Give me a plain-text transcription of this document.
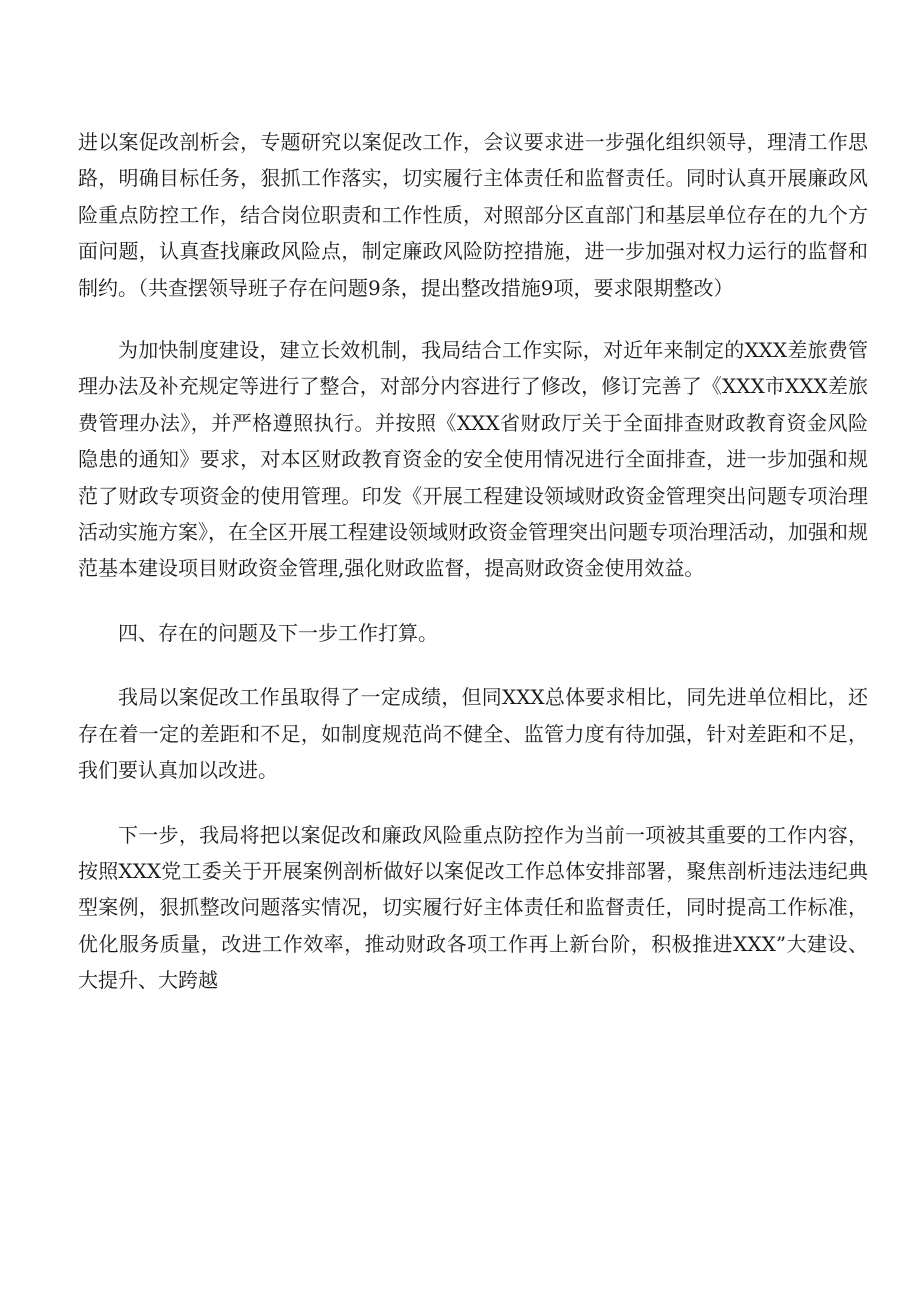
进以案促改剖析会，专题研究以案促改工作，会议要求进一步强化组织领导，理清工作思路，明确目标任务，狠抓工作落实，切实履行主体责任和监督责任。同时认真开展廉政风险重点防控工作，结合岗位职责和工作性质，对照部分区直部门和基层单位存在的九个方面问题，认真查找廉政风险点，制定廉政风险防控措施，进一步加强对权力运行的监督和制约。（共查摆领导班子存在问题9条，提出整改措施9项，要求限期整改）

为加快制度建设，建立长效机制，我局结合工作实际，对近年来制定的XXX差旅费管理办法及补充规定等进行了整合，对部分内容进行了修改，修订完善了《XXX市XXX差旅费管理办法》，并严格遵照执行。并按照《XXX省财政厅关于全面排查财政教育资金风险隐患的通知》要求，对本区财政教育资金的安全使用情况进行全面排查，进一步加强和规范了财政专项资金的使用管理。印发《开展工程建设领域财政资金管理突出问题专项治理活动实施方案》，在全区开展工程建设领域财政资金管理突出问题专项治理活动，加强和规范基本建设项目财政资金管理,强化财政监督，提高财政资金使用效益。

四、存在的问题及下一步工作打算。

我局以案促改工作虽取得了一定成绩，但同XXX总体要求相比，同先进单位相比，还存在着一定的差距和不足，如制度规范尚不健全、监管力度有待加强，针对差距和不足，我们要认真加以改进。

下一步，我局将把以案促改和廉政风险重点防控作为当前一项被其重要的工作内容，按照XXX党工委关于开展案例剖析做好以案促改工作总体安排部署，聚焦剖析违法违纪典型案例，狠抓整改问题落实情况，切实履行好主体责任和监督责任，同时提高工作标准，优化服务质量，改进工作效率，推动财政各项工作再上新台阶，积极推进XXX”大建设、大提升、大跨越
